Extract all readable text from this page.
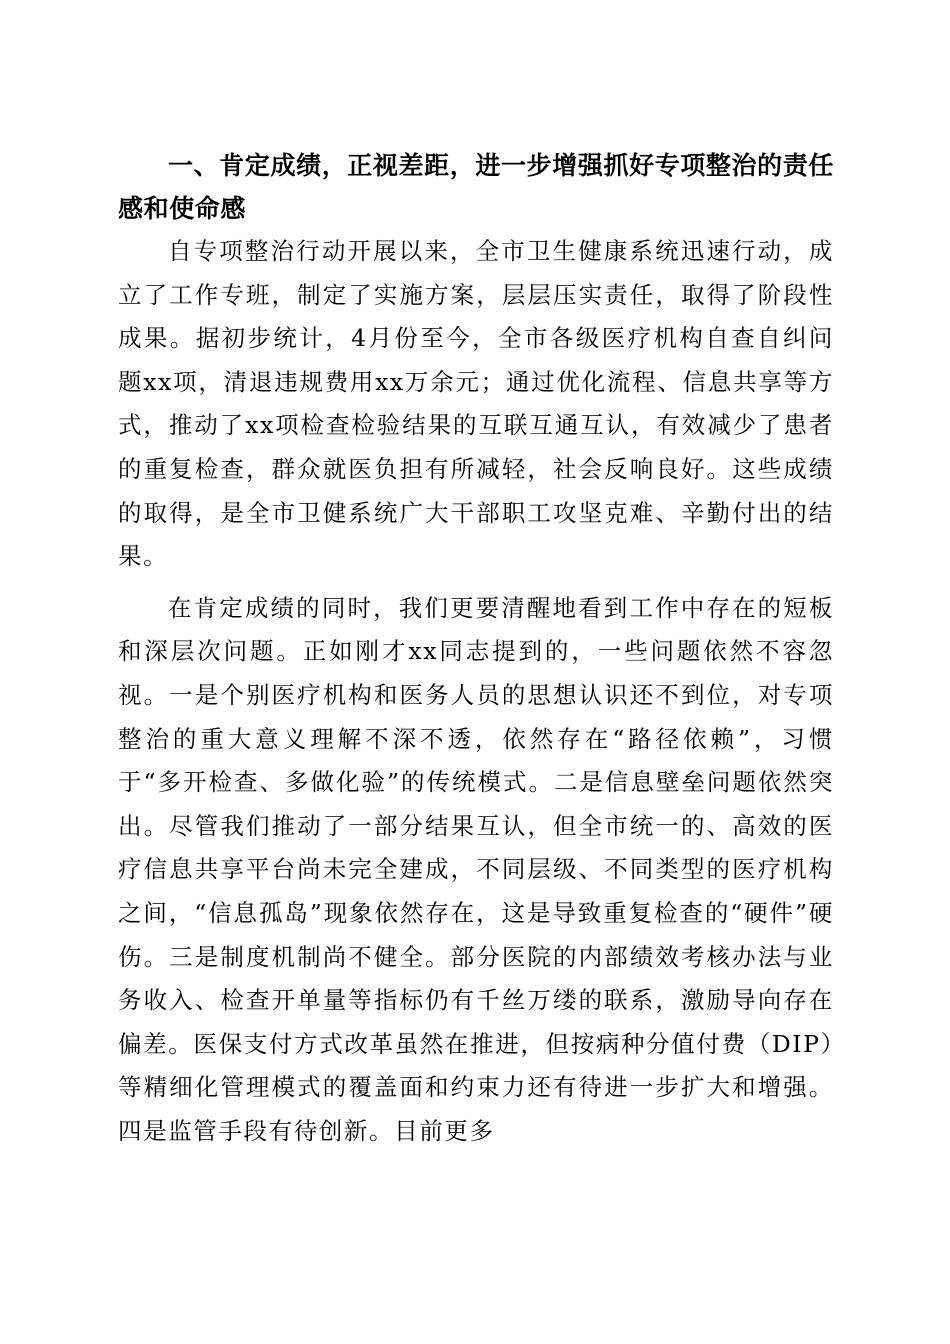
一、肯定成绩，正视差距，进一步增强抓好专项整治的责任感和使命感

自专项整治行动开展以来，全市卫生健康系统迅速行动，成立了工作专班，制定了实施方案，层层压实责任，取得了阶段性成果。据初步统计，4月份至今，全市各级医疗机构自查自纠问题xx项，清退违规费用xx万余元；通过优化流程、信息共享等方式，推动了xx项检查检验结果的互联互通互认，有效减少了患者的重复检查，群众就医负担有所减轻，社会反响良好。这些成绩的取得，是全市卫健系统广大干部职工攻坚克难、辛勤付出的结果。

在肯定成绩的同时，我们更要清醒地看到工作中存在的短板和深层次问题。正如刚才xx同志提到的，一些问题依然不容忽视。一是个别医疗机构和医务人员的思想认识还不到位，对专项整治的重大意义理解不深不透，依然存在“路径依赖”，习惯于“多开检查、多做化验”的传统模式。二是信息壁垒问题依然突出。尽管我们推动了一部分结果互认，但全市统一的、高效的医疗信息共享平台尚未完全建成，不同层级、不同类型的医疗机构之间，“信息孤岛”现象依然存在，这是导致重复检查的“硬件”硬伤。三是制度机制尚不健全。部分医院的内部绩效考核办法与业务收入、检查开单量等指标仍有千丝万缕的联系，激励导向存在偏差。医保支付方式改革虽然在推进，但按病种分值付费（DIP）等精细化管理模式的覆盖面和约束力还有待进一步扩大和增强。四是监管手段有待创新。目前更多
